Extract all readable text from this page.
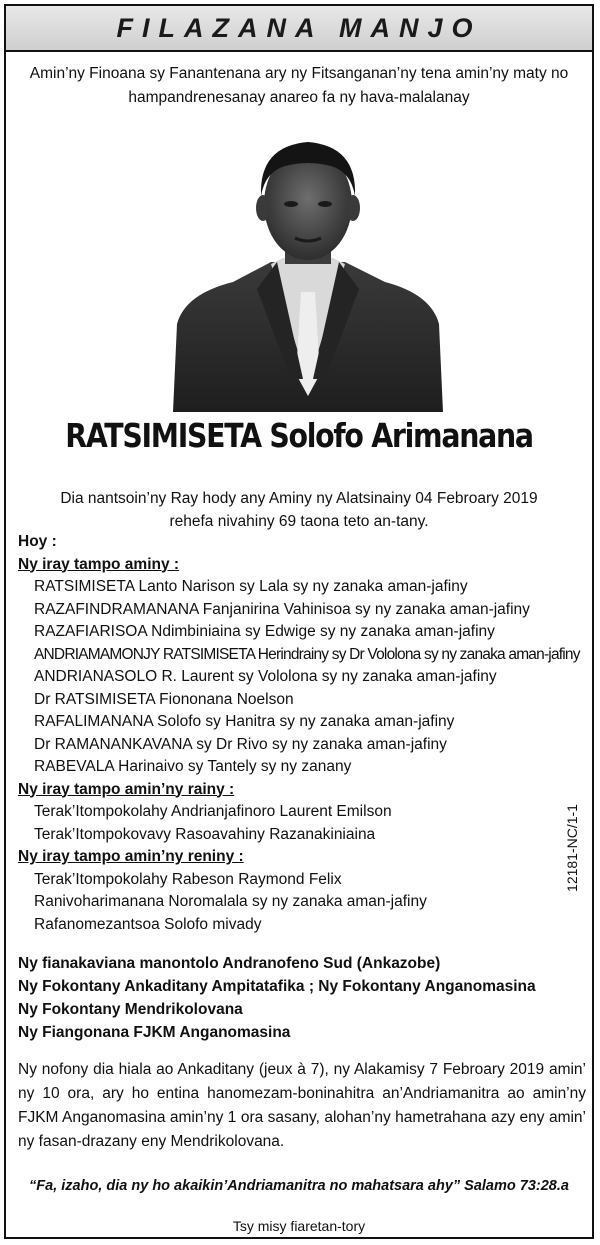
FILAZANA MANJO
Amin’ny Finoana sy Fanantenana ary ny Fitsanganan’ny tena amin’ny maty no
hampandrenesanay anareo fa ny hava-malalanay
RATSIMISETA Solofo Arimanana
Dia nantsoin’ny Ray hody any Aminy ny Alatsinainy 04 Febroary 2019
rehefa nivahiny 69 taona teto an-tany.
Hoy :
Ny iray tampo aminy :
RATSIMISETA Lanto Narison sy Lala sy ny zanaka aman-jafiny
RAZAFINDRAMANANA Fanjanirina Vahinisoa sy ny zanaka aman-jafiny
RAZAFIARISOA Ndimbiniaina sy Edwige sy ny zanaka aman-jafiny
ANDRIAMAMONJY RATSIMISETA Herindrainy sy Dr Vololona sy ny zanaka aman-jafiny
ANDRIANASOLO R. Laurent sy Vololona sy ny zanaka aman-jafiny
Dr RATSIMISETA Fiononana Noelson
RAFALIMANANA Solofo sy Hanitra sy ny zanaka aman-jafiny
Dr RAMANANKAVANA sy Dr Rivo sy ny zanaka aman-jafiny
RABEVALA Harinaivo sy Tantely sy ny zanany
Ny iray tampo amin’ny rainy :
Terak’Itompokolahy Andrianjafinoro Laurent Emilson
Terak’Itompokovavy Rasoavahiny Razanakiniaina
Ny iray tampo amin’ny reniny :
Terak’Itompokolahy Rabeson Raymond Felix
Ranivoharimanana Noromalala sy ny zanaka aman-jafiny
Rafanomezantsoa Solofo mivady
12181-NC/1-1
Ny fianakaviana manontolo Andranofeno Sud (Ankazobe)
Ny Fokontany Ankaditany Ampitatafika ; Ny Fokontany Anganomasina
Ny Fokontany Mendrikolovana
Ny Fiangonana FJKM Anganomasina
Ny nofony dia hiala ao Ankaditany (jeux à 7), ny Alakamisy 7 Febroary 2019 amin’ ny 10 ora, ary ho entina hanomezam-boninahitra an’Andriamanitra ao amin’ny FJKM Anganomasina amin’ny 1 ora sasany, alohan’ny hametrahana azy eny amin’ ny fasan-drazany eny Mendrikolovana.
“Fa, izaho, dia ny ho akaikin’Andriamanitra no mahatsara ahy” Salamo 73:28.a
Tsy misy fiaretan-tory
